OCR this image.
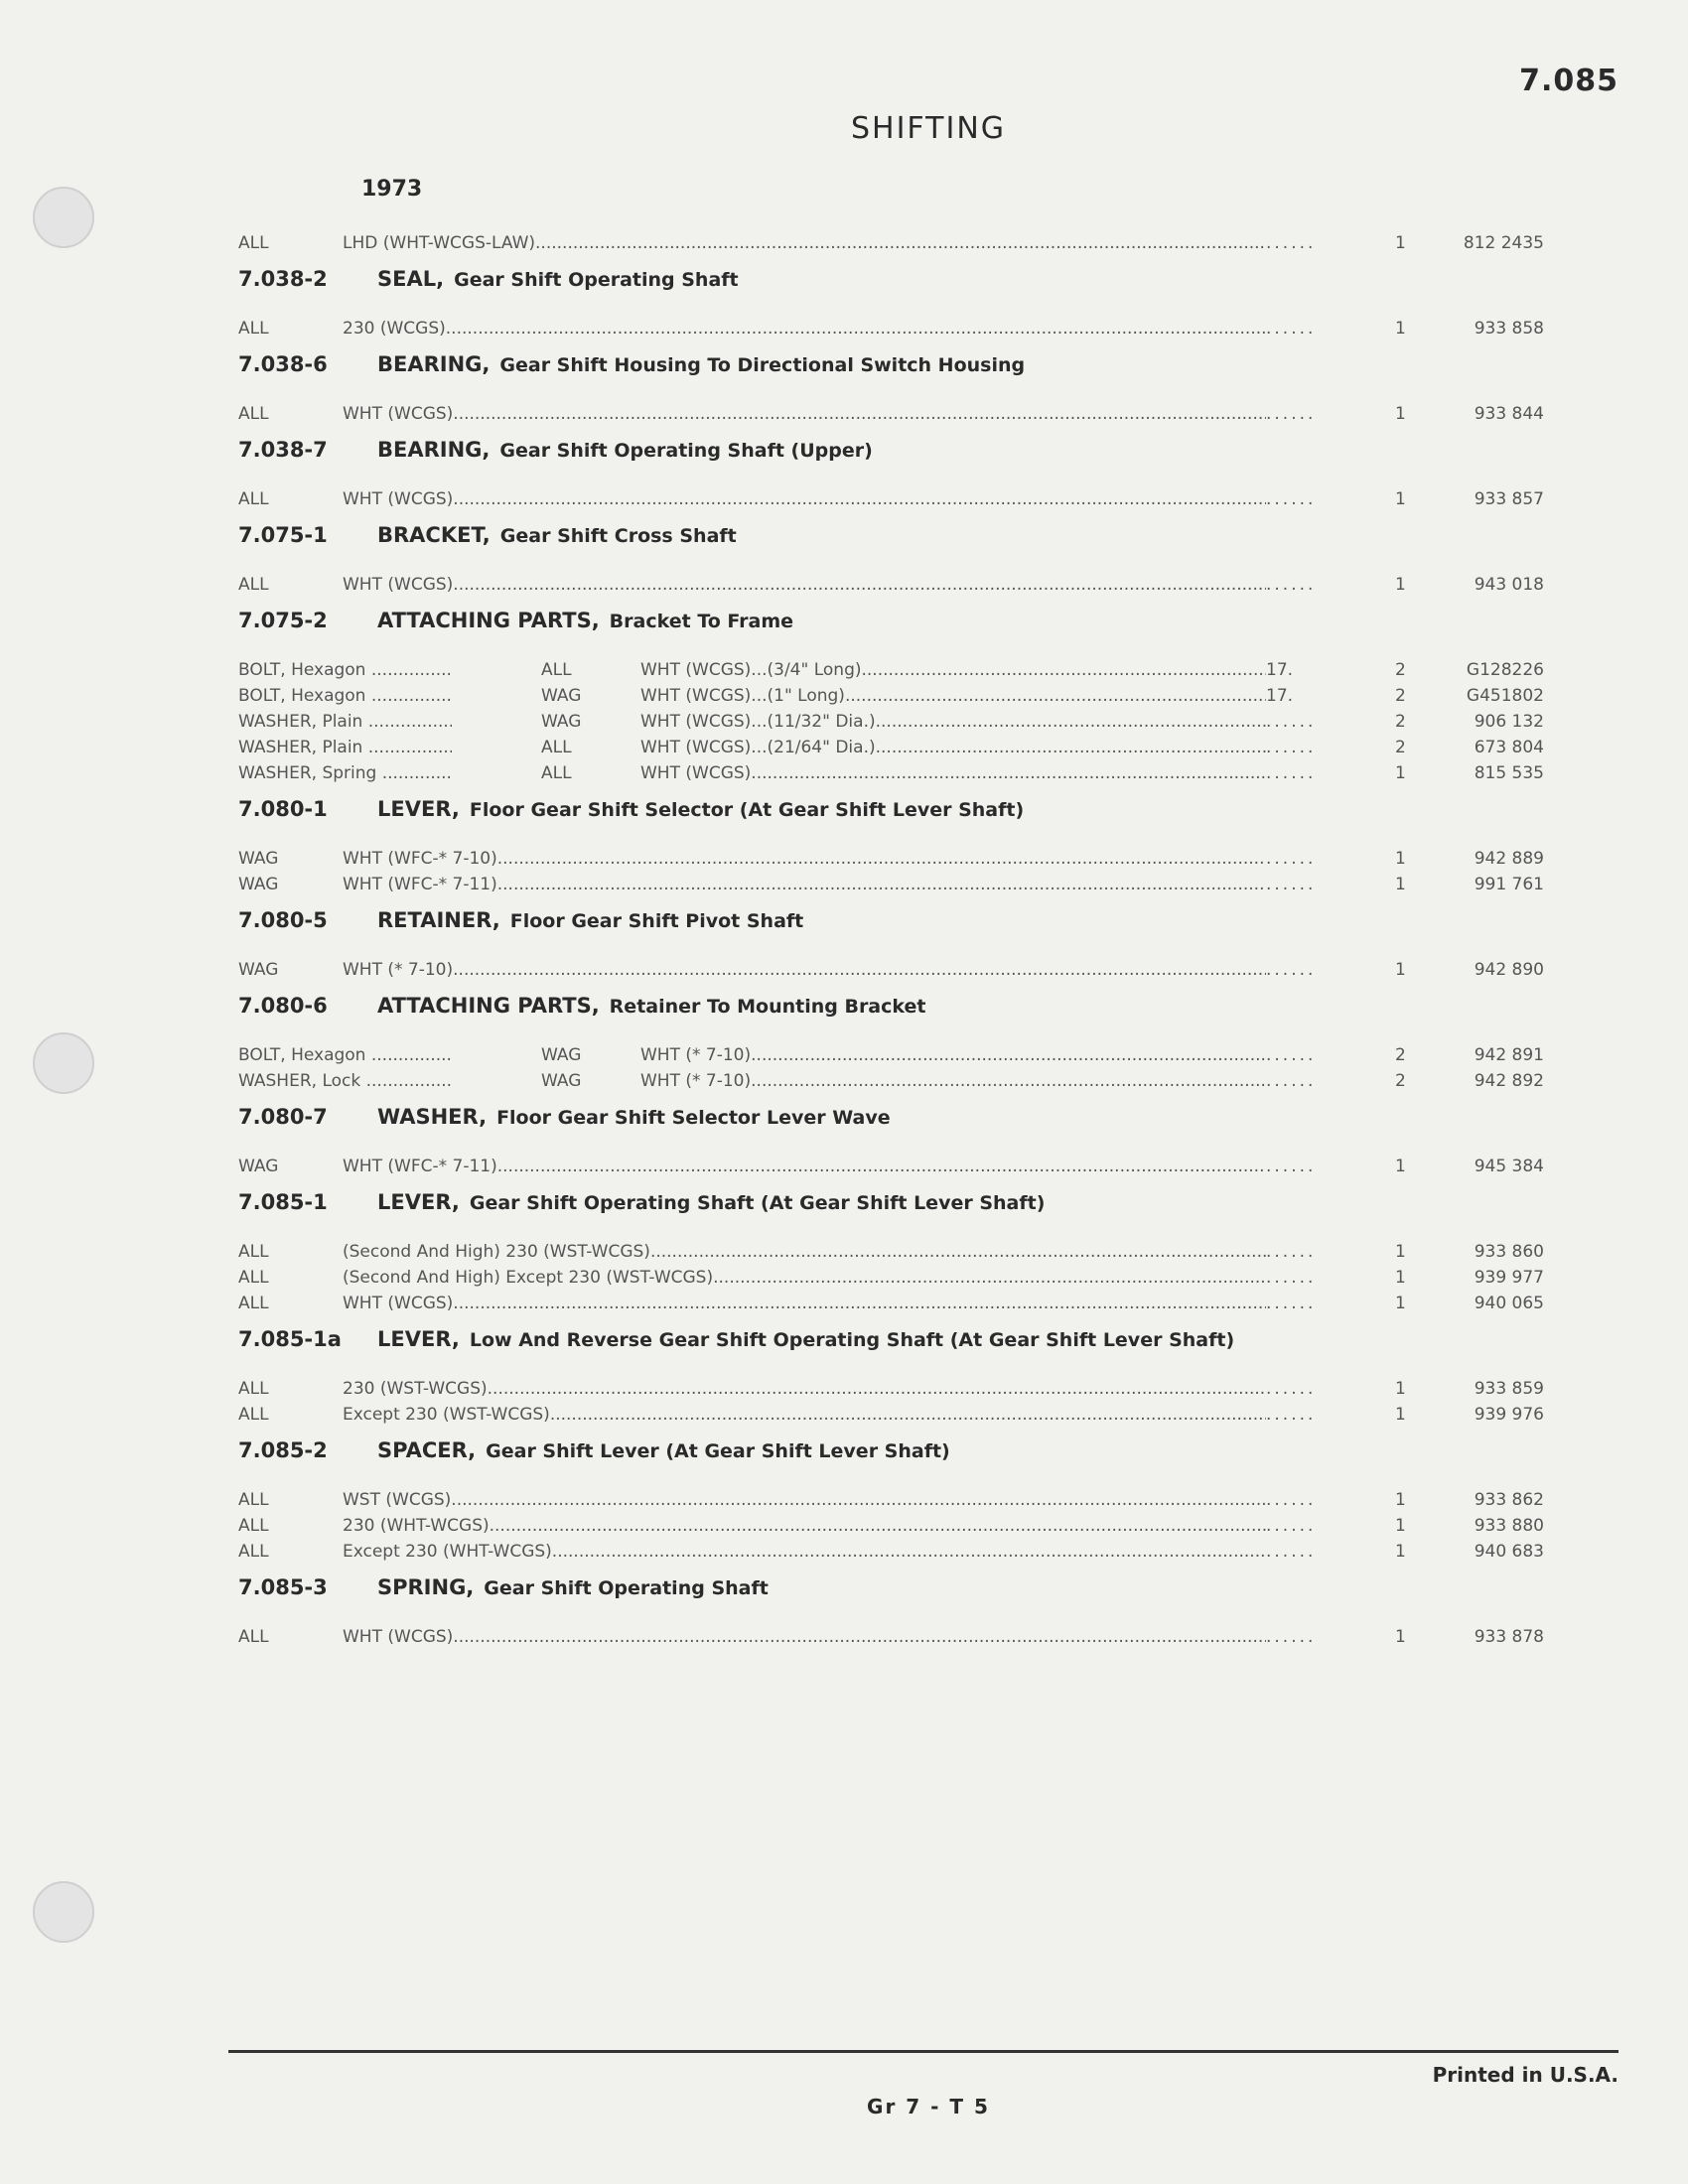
7.085
SHIFTING
1973
ALL	LHD (WHT-WCGS-LAW) ..... ......	1	812 2435
7.038-2 SEAL, Gear Shift Operating Shaft
ALL	230 (WCGS) ..... ......	1	933 858
7.038-6 BEARING, Gear Shift Housing To Directional Switch Housing
ALL	WHT (WCGS) ..... ......	1	933 844
7.038-7 BEARING, Gear Shift Operating Shaft (Upper)
ALL	WHT (WCGS) ..... ......	1	933 857
7.075-1 BRACKET, Gear Shift Cross Shaft
ALL	WHT (WCGS) ..... ......	1	943 018
7.075-2 ATTACHING PARTS, Bracket To Frame
BOLT, Hexagon .....	ALL	WHT (WCGS)...(3/4" Long) .....	17.	2	G128226
BOLT, Hexagon .....	WAG	WHT (WCGS)...(1" Long) .....	17.	2	G451802
WASHER, Plain .....	WAG	WHT (WCGS)...(11/32" Dia.) ..... ......	2	906 132
WASHER, Plain .....	ALL	WHT (WCGS)...(21/64" Dia.) ..... ......	2	673 804
WASHER, Spring .....	ALL	WHT (WCGS) ..... ......	1	815 535
7.080-1 LEVER, Floor Gear Shift Selector (At Gear Shift Lever Shaft)
WAG	WHT (WFC-* 7-10) ..... ......	1	942 889
WAG	WHT (WFC-* 7-11) ..... ......	1	991 761
7.080-5 RETAINER, Floor Gear Shift Pivot Shaft
WAG	WHT (* 7-10) ..... ......	1	942 890
7.080-6 ATTACHING PARTS, Retainer To Mounting Bracket
BOLT, Hexagon .....	WAG	WHT (* 7-10) ..... ......	2	942 891
WASHER, Lock .....	WAG	WHT (* 7-10) ..... ......	2	942 892
7.080-7 WASHER, Floor Gear Shift Selector Lever Wave
WAG	WHT (WFC-* 7-11) ..... ......	1	945 384
7.085-1 LEVER, Gear Shift Operating Shaft (At Gear Shift Lever Shaft)
ALL	(Second And High) 230 (WST-WCGS) ..... ......	1	933 860
ALL	(Second And High) Except 230 (WST-WCGS) ..... ......	1	939 977
ALL	WHT (WCGS) ..... ......	1	940 065
7.085-1a LEVER, Low And Reverse Gear Shift Operating Shaft (At Gear Shift Lever Shaft)
ALL	230 (WST-WCGS) ..... ......	1	933 859
ALL	Except 230 (WST-WCGS) ..... ......	1	939 976
7.085-2 SPACER, Gear Shift Lever (At Gear Shift Lever Shaft)
ALL	WST (WCGS) ..... ......	1	933 862
ALL	230 (WHT-WCGS) ..... ......	1	933 880
ALL	Except 230 (WHT-WCGS) ..... ......	1	940 683
7.085-3 SPRING, Gear Shift Operating Shaft
ALL	WHT (WCGS) ..... ......	1	933 878
Printed in U.S.A.
Gr 7 - T 5
